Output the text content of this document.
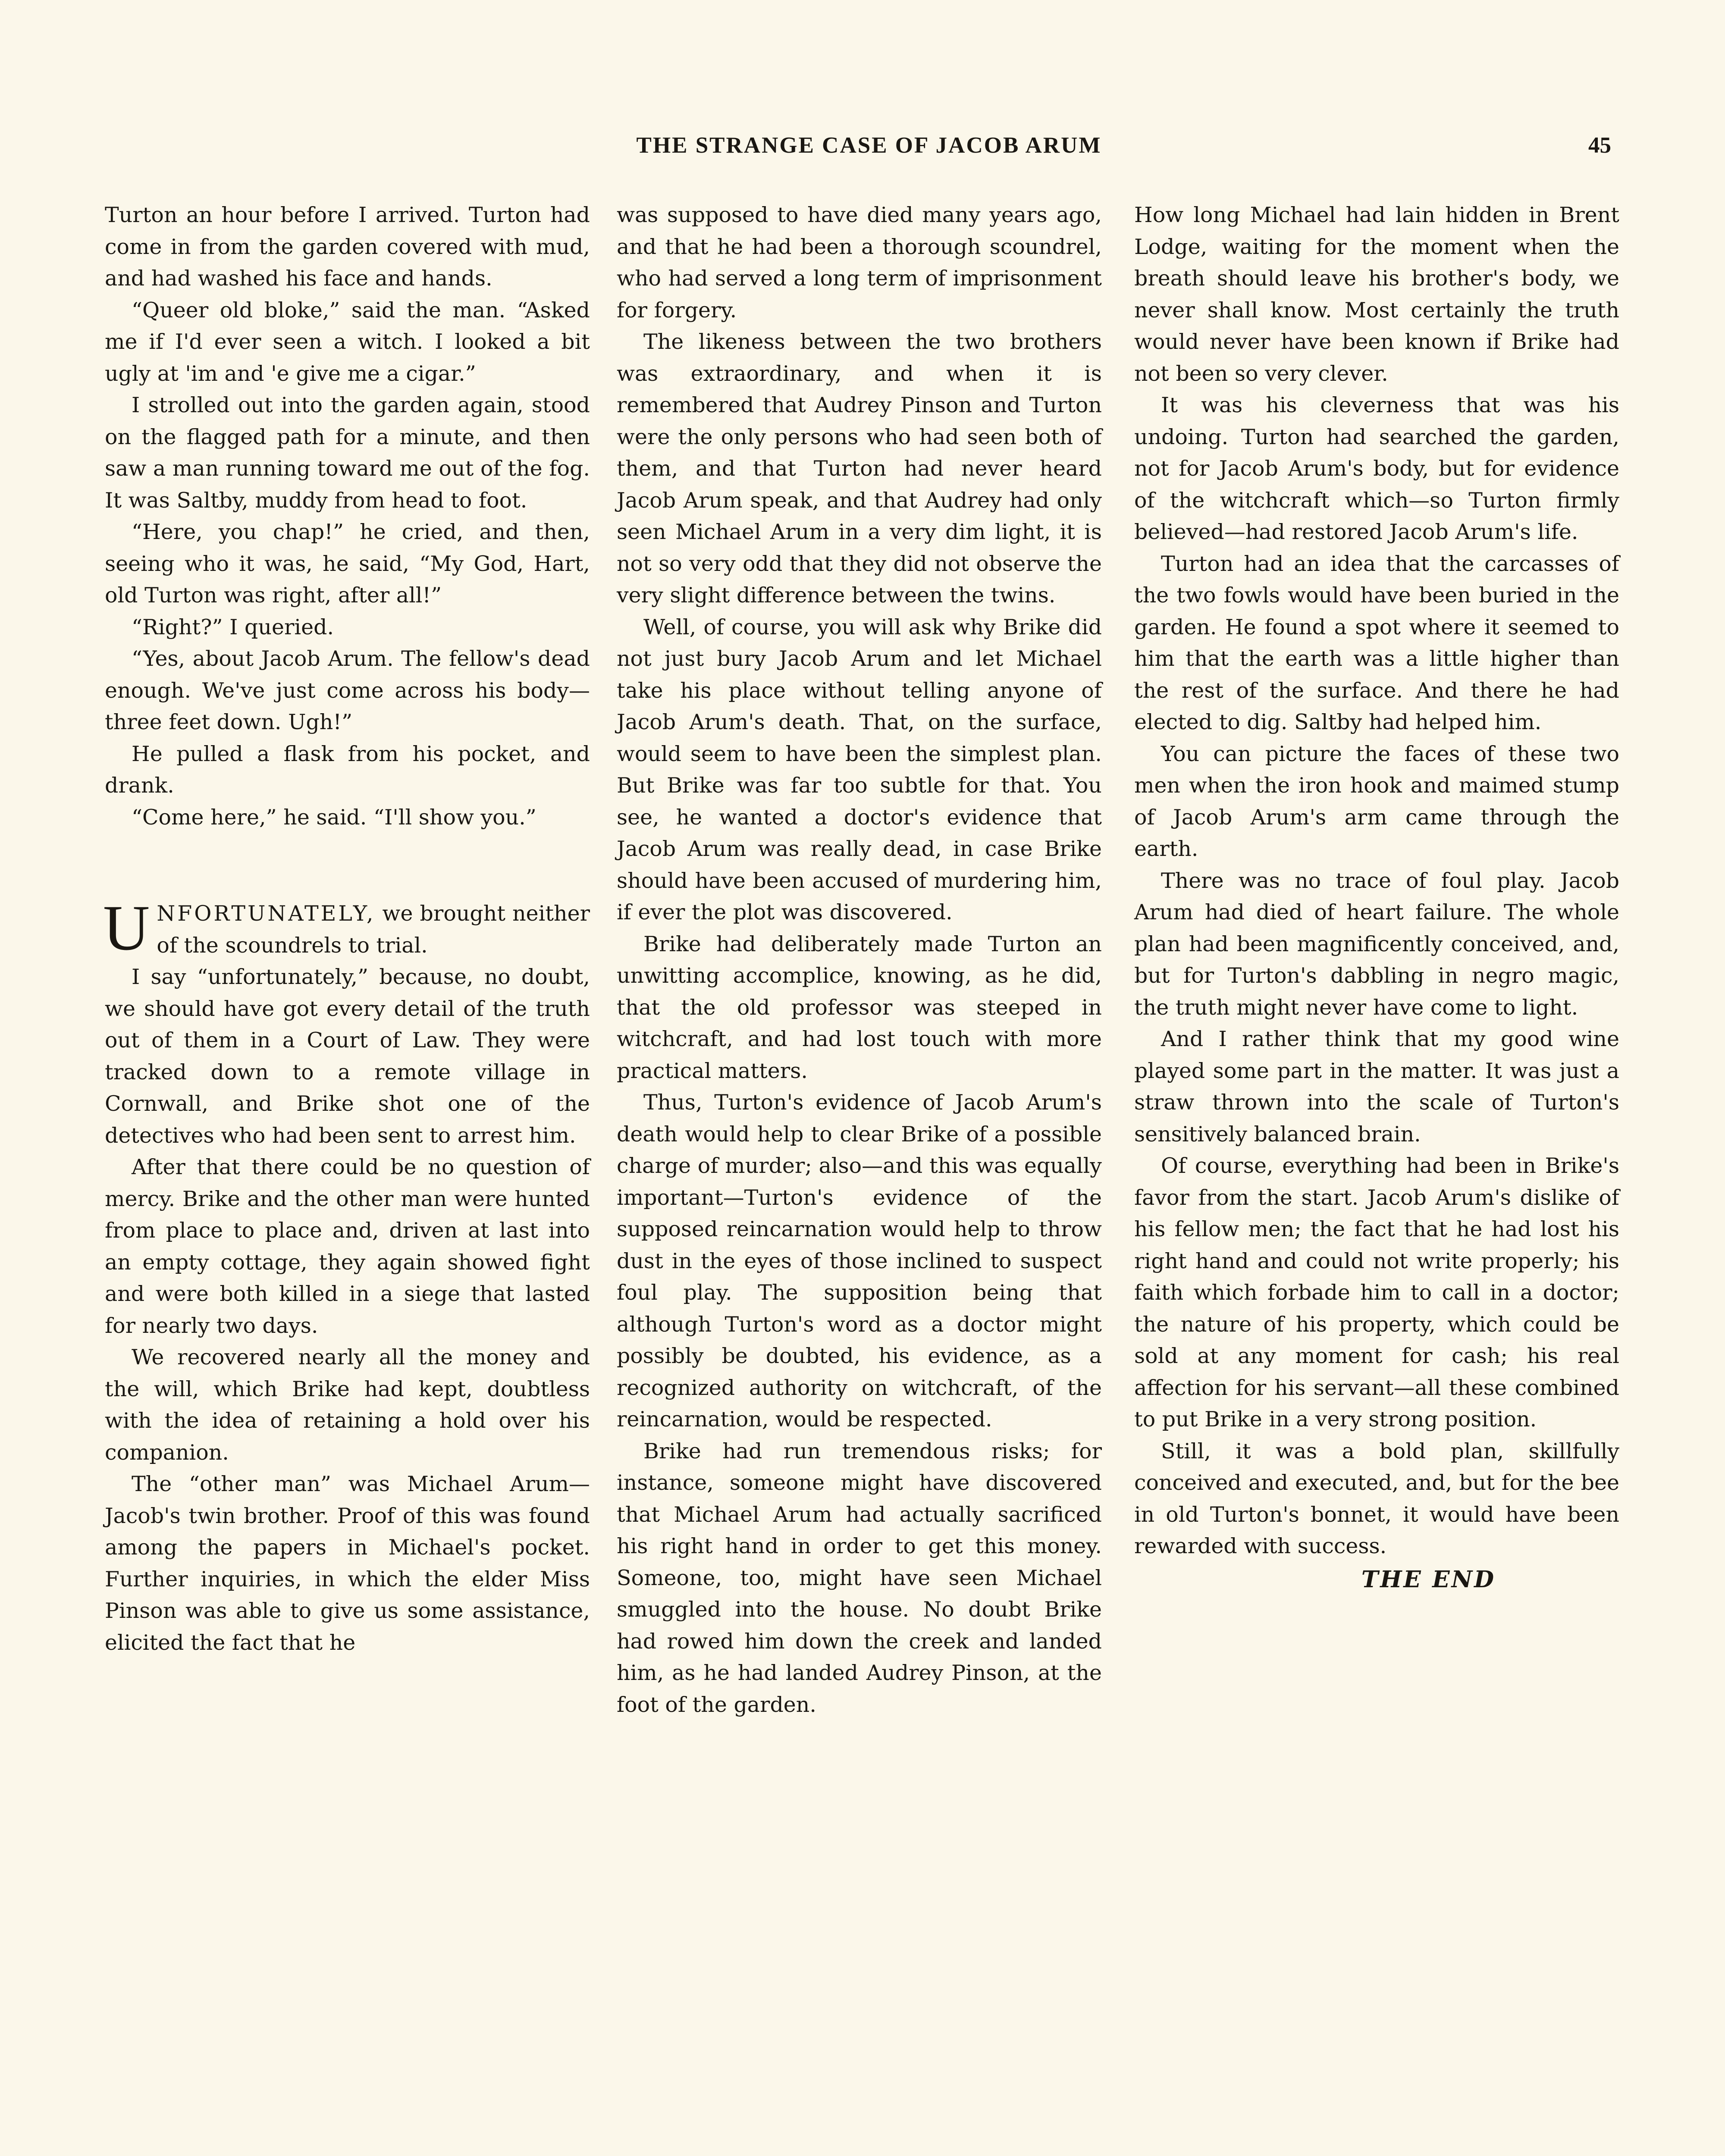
THE STRANGE CASE OF JACOB ARUM	45

Turton an hour before I arrived. Turton had come in from the garden covered with mud, and had washed his face and hands.

“Queer old bloke,” said the man. “Asked me if I'd ever seen a witch. I looked a bit ugly at 'im and 'e give me a cigar.”

I strolled out into the garden again, stood on the flagged path for a minute, and then saw a man running toward me out of the fog. It was Saltby, muddy from head to foot.

“Here, you chap!” he cried, and then, seeing who it was, he said, “My God, Hart, old Turton was right, after all!”

“Right?” I queried.

“Yes, about Jacob Arum. The fellow's dead enough. We've just come across his body—three feet down. Ugh!”

He pulled a flask from his pocket, and drank.

“Come here,” he said. “I'll show you.”

UNFORTUNATELY, we brought neither of the scoundrels to trial.

I say “unfortunately,” because, no doubt, we should have got every detail of the truth out of them in a Court of Law. They were tracked down to a remote village in Cornwall, and Brike shot one of the detectives who had been sent to arrest him.

After that there could be no question of mercy. Brike and the other man were hunted from place to place and, driven at last into an empty cottage, they again showed fight and were both killed in a siege that lasted for nearly two days.

We recovered nearly all the money and the will, which Brike had kept, doubtless with the idea of retaining a hold over his companion.

The “other man” was Michael Arum—Jacob's twin brother. Proof of this was found among the papers in Michael's pocket. Further inquiries, in which the elder Miss Pinson was able to give us some assistance, elicited the fact that he

was supposed to have died many years ago, and that he had been a thorough scoundrel, who had served a long term of imprisonment for forgery.

The likeness between the two brothers was extraordinary, and when it is remembered that Audrey Pinson and Turton were the only persons who had seen both of them, and that Turton had never heard Jacob Arum speak, and that Audrey had only seen Michael Arum in a very dim light, it is not so very odd that they did not observe the very slight difference between the twins.

Well, of course, you will ask why Brike did not just bury Jacob Arum and let Michael take his place without telling anyone of Jacob Arum's death. That, on the surface, would seem to have been the simplest plan. But Brike was far too subtle for that. You see, he wanted a doctor's evidence that Jacob Arum was really dead, in case Brike should have been accused of murdering him, if ever the plot was discovered.

Brike had deliberately made Turton an unwitting accomplice, knowing, as he did, that the old professor was steeped in witchcraft, and had lost touch with more practical matters.

Thus, Turton's evidence of Jacob Arum's death would help to clear Brike of a possible charge of murder; also—and this was equally important—Turton's evidence of the supposed reincarnation would help to throw dust in the eyes of those inclined to suspect foul play. The supposition being that although Turton's word as a doctor might possibly be doubted, his evidence, as a recognized authority on witchcraft, of the reincarnation, would be respected.

Brike had run tremendous risks; for instance, someone might have discovered that Michael Arum had actually sacrificed his right hand in order to get this money. Someone, too, might have seen Michael smuggled into the house. No doubt Brike had rowed him down the creek and landed him, as he had landed Audrey Pinson, at the foot of the garden.

How long Michael had lain hidden in Brent Lodge, waiting for the moment when the breath should leave his brother's body, we never shall know. Most certainly the truth would never have been known if Brike had not been so very clever.

It was his cleverness that was his undoing. Turton had searched the garden, not for Jacob Arum's body, but for evidence of the witchcraft which—so Turton firmly believed—had restored Jacob Arum's life.

Turton had an idea that the carcasses of the two fowls would have been buried in the garden. He found a spot where it seemed to him that the earth was a little higher than the rest of the surface. And there he had elected to dig. Saltby had helped him.

You can picture the faces of these two men when the iron hook and maimed stump of Jacob Arum's arm came through the earth.

There was no trace of foul play. Jacob Arum had died of heart failure. The whole plan had been magnificently conceived, and, but for Turton's dabbling in negro magic, the truth might never have come to light.

And I rather think that my good wine played some part in the matter. It was just a straw thrown into the scale of Turton's sensitively balanced brain.

Of course, everything had been in Brike's favor from the start. Jacob Arum's dislike of his fellow men; the fact that he had lost his right hand and could not write properly; his faith which forbade him to call in a doctor; the nature of his property, which could be sold at any moment for cash; his real affection for his servant—all these combined to put Brike in a very strong position.

Still, it was a bold plan, skillfully conceived and executed, and, but for the bee in old Turton's bonnet, it would have been rewarded with success.

THE END
